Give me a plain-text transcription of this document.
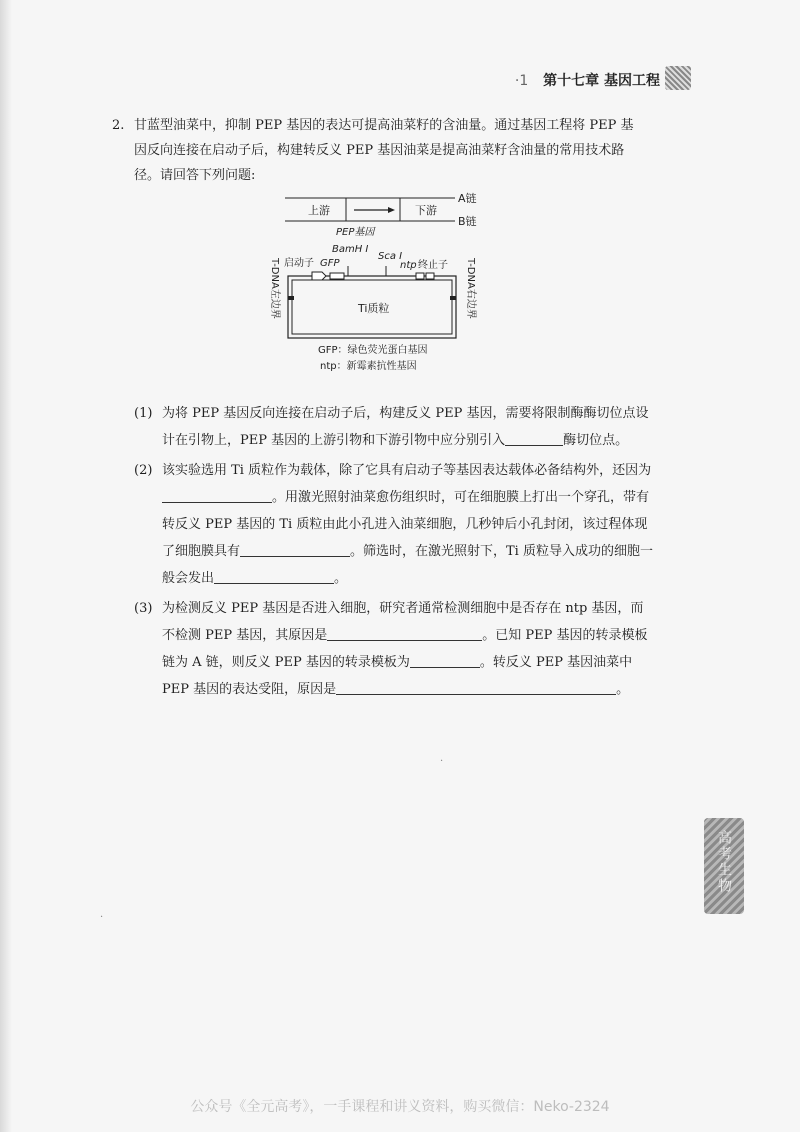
·1 第十七章 基因工程
2. 甘蓝型油菜中，抑制 PEP 基因的表达可提高油菜籽的含油量。通过基因工程将 PEP 基因反向连接在启动子后，构建转反义 PEP 基因油菜是提高油菜籽含油量的常用技术路径。请回答下列问题:
上游	下游
A链
B链
PEP基因
BamH I
Sca I
启动子 GFP	ntp 终止子
Ti质粒
T-DNA左边界	T-DNA右边界
GFP：绿色荧光蛋白基因
ntp：新霉素抗性基因
(1) 为将 PEP 基因反向连接在启动子后，构建反义 PEP 基因，需要将限制酶酶切位点设计在引物上，PEP 基因的上游引物和下游引物中应分别引入	酶切位点。
(2) 该实验选用 Ti 质粒作为载体，除了它具有启动子等基因表达载体必备结构外，还因为。用激光照射油菜愈伤组织时，可在细胞膜上打出一个穿孔，带有转反义 PEP 基因的 Ti 质粒由此小孔进入油菜细胞，几秒钟后小孔封闭，该过程体现了细胞膜具有	。筛选时，在激光照射下，Ti 质粒导入成功的细胞一般会发出	。
(3) 为检测反义 PEP 基因是否进入细胞，研究者通常检测细胞中是否存在 ntp 基因，而不检测 PEP 基因，其原因是	。已知 PEP 基因的转录模板链为 A 链，则反义 PEP 基因的转录模板为	。转反义 PEP 基因油菜中 PEP 基因的表达受阻，原因是	。
·
·
高考生物
公众号《全元高考》，一手课程和讲义资料，购买微信：Neko-2324
